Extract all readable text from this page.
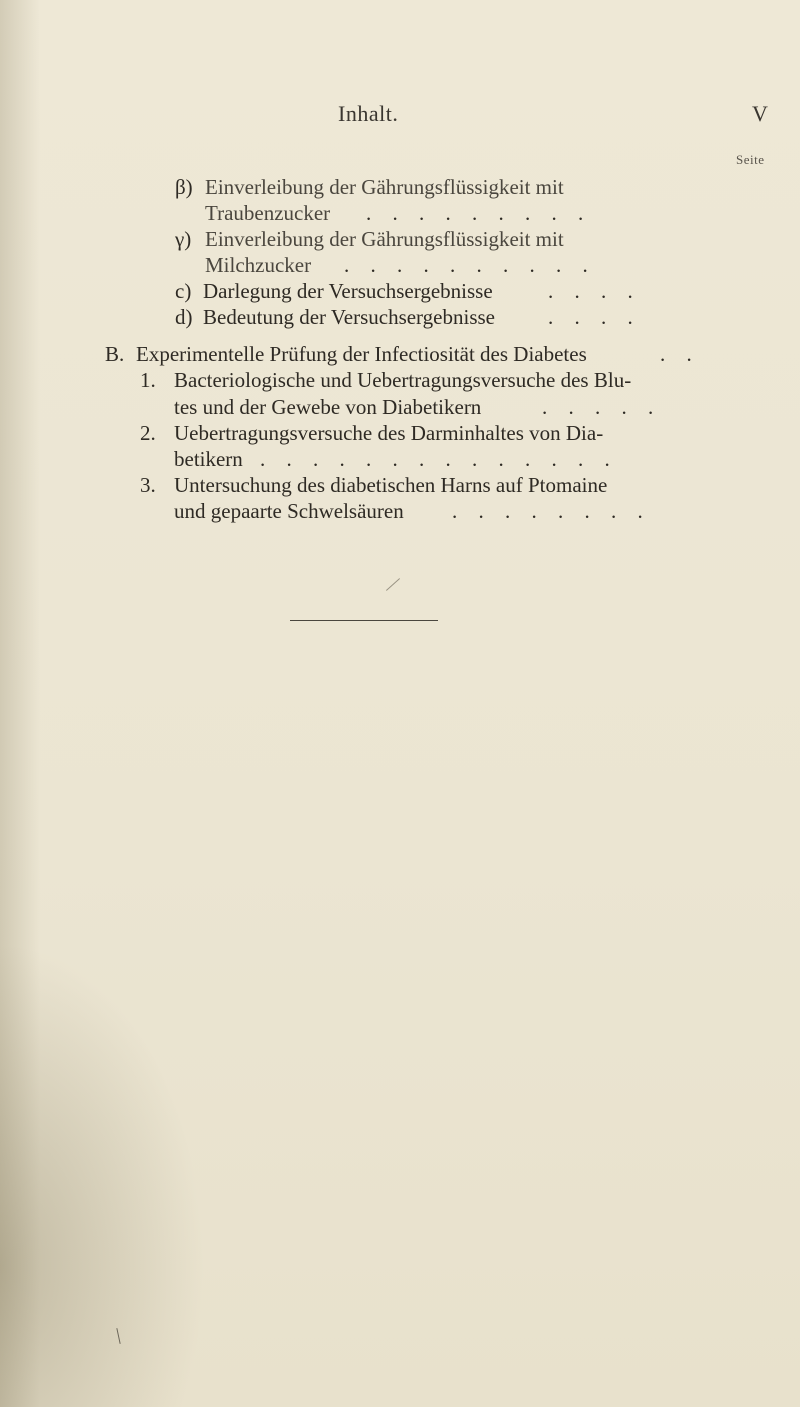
Inhalt.	V
Seite
β) Einverleibung der Gährungsflüssigkeit mit
Traubenzucker . . . . . . . . .
γ) Einverleibung der Gährungsflüssigkeit mit
Milchzucker . . . . . . . . . .
c) Darlegung der Versuchsergebnisse	. . . .
d) Bedeutung der Versuchsergebnisse	. . . .
B. Experimentelle Prüfung der Infectiosität des Diabetes	. .
1. Bacteriologische und Uebertragungsversuche des Blu-
tes und der Gewebe von Diabetikern	. . . . .
2. Uebertragungsversuche des Darminhaltes von Dia-
betikern . . . . . . . . . . . . . .
3. Untersuchung des diabetischen Harns auf Ptomaine
und gepaarte Schwelsäuren . . . . . . . .
